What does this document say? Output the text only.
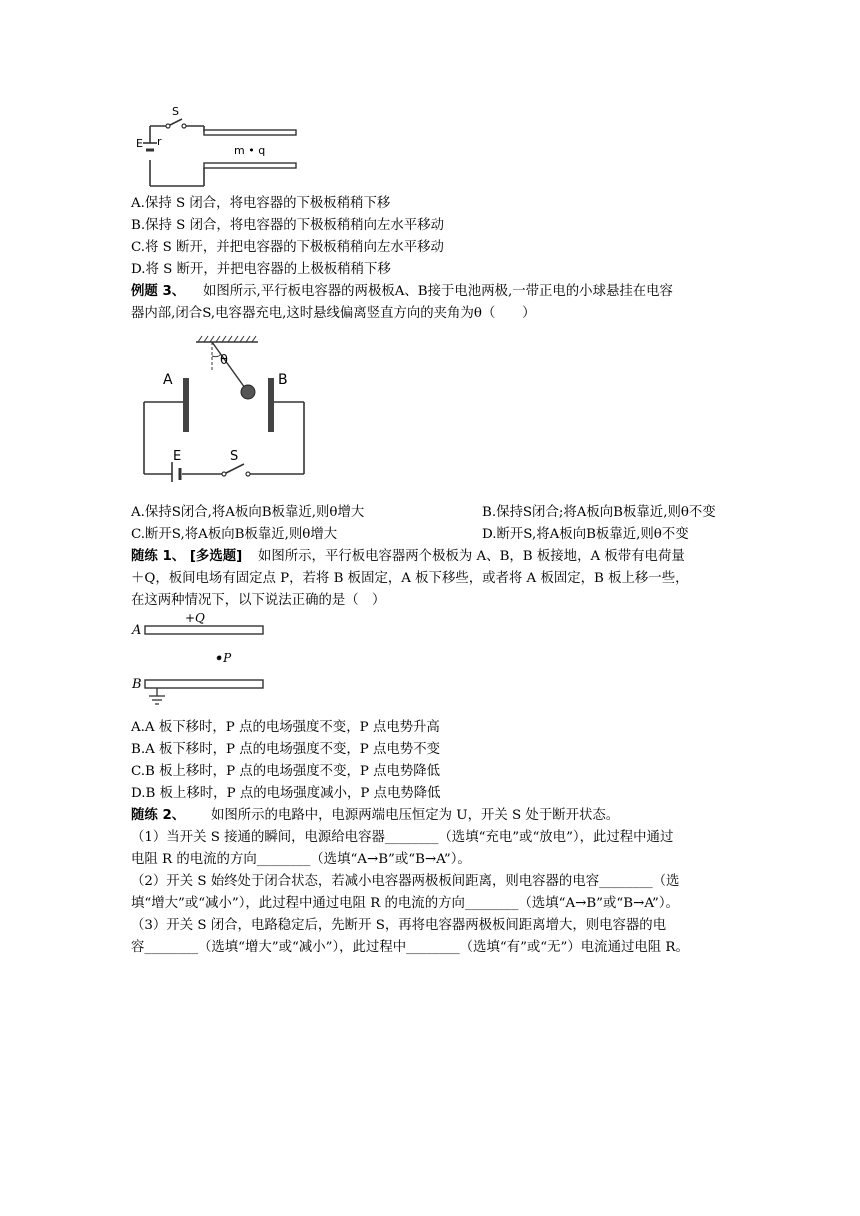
S
E r
m • q
A.保持 S 闭合，将电容器的下极板稍稍下移
B.保持 S 闭合，将电容器的下极板稍稍向左水平移动
C.将 S 断开，并把电容器的下极板稍稍向左水平移动
D.将 S 断开，并把电容器的上极板稍稍下移
例题 3、 如图所示,平行板电容器的两极板A、B接于电池两极,一带正电的小球悬挂在电容
器内部,闭合S,电容器充电,这时悬线偏离竖直方向的夹角为θ（　　）
θ
A	B
E	S
A.保持S闭合,将A板向B板靠近,则θ增大	B.保持S闭合;将A板向B板靠近,则θ不变
C.断开S,将A板向B板靠近,则θ增大	D.断开S,将A板向B板靠近,则θ不变
随练 1、 [多选题] 如图所示，平行板电容器两个极板为 A、B，B 板接地，A 板带有电荷量
＋Q，板间电场有固定点 P，若将 B 板固定，A 板下移些，或者将 A 板固定，B 板上移一些，
在这两种情况下，以下说法正确的是（　）
A
+Q
•P
B
A.A 板下移时，P 点的电场强度不变，P 点电势升高
B.A 板下移时，P 点的电场强度不变，P 点电势不变
C.B 板上移时，P 点的电场强度不变，P 点电势降低
D.B 板上移时，P 点的电场强度减小，P 点电势降低
随练 2、 如图所示的电路中，电源两端电压恒定为 U，开关 S 处于断开状态。
（1）当开关 S 接通的瞬间，电源给电容器________（选填“充电”或“放电”），此过程中通过
电阻 R 的电流的方向________（选填“A→B”或“B→A”）。
（2）开关 S 始终处于闭合状态，若减小电容器两极板间距离，则电容器的电容________（选
填“增大”或“减小”），此过程中通过电阻 R 的电流的方向________（选填“A→B”或“B→A”）。
（3）开关 S 闭合，电路稳定后，先断开 S，再将电容器两极板间距离增大，则电容器的电
容________（选填“增大”或“减小”），此过程中________（选填“有”或“无”）电流通过电阻 R。
